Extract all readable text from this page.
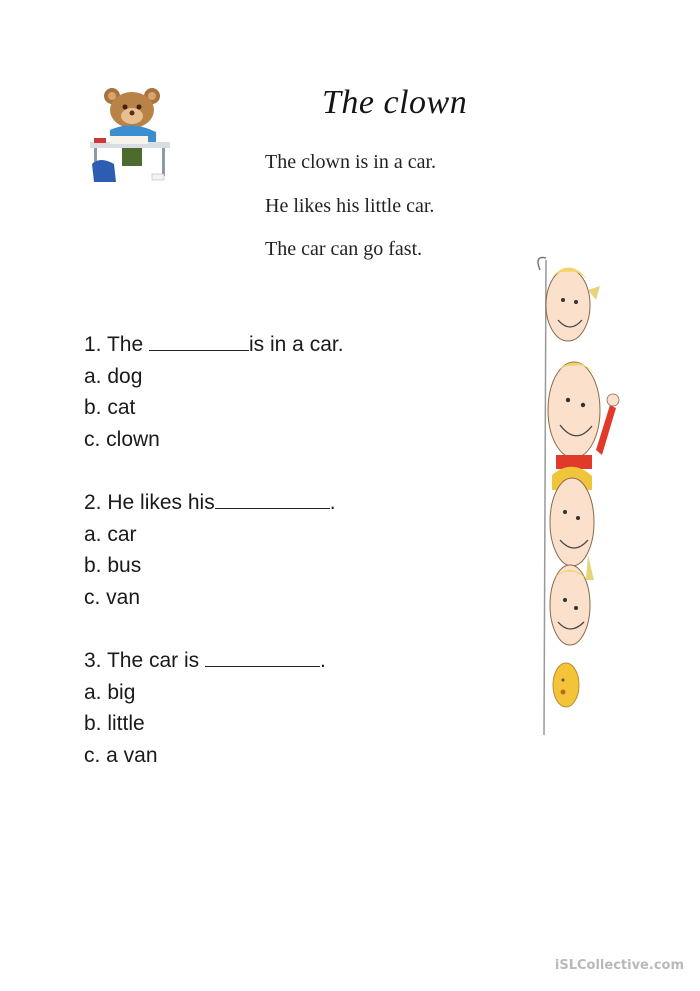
The clown
The clown is in a car.
He likes his little car.
The car can go fast.
1. The	is in a car.
a. dog
b. cat
c. clown
2. He likes his	.
a. car
b. bus
c. van
3. The car is	.
a. big
b. little
c. a van
iSLCollective.com
